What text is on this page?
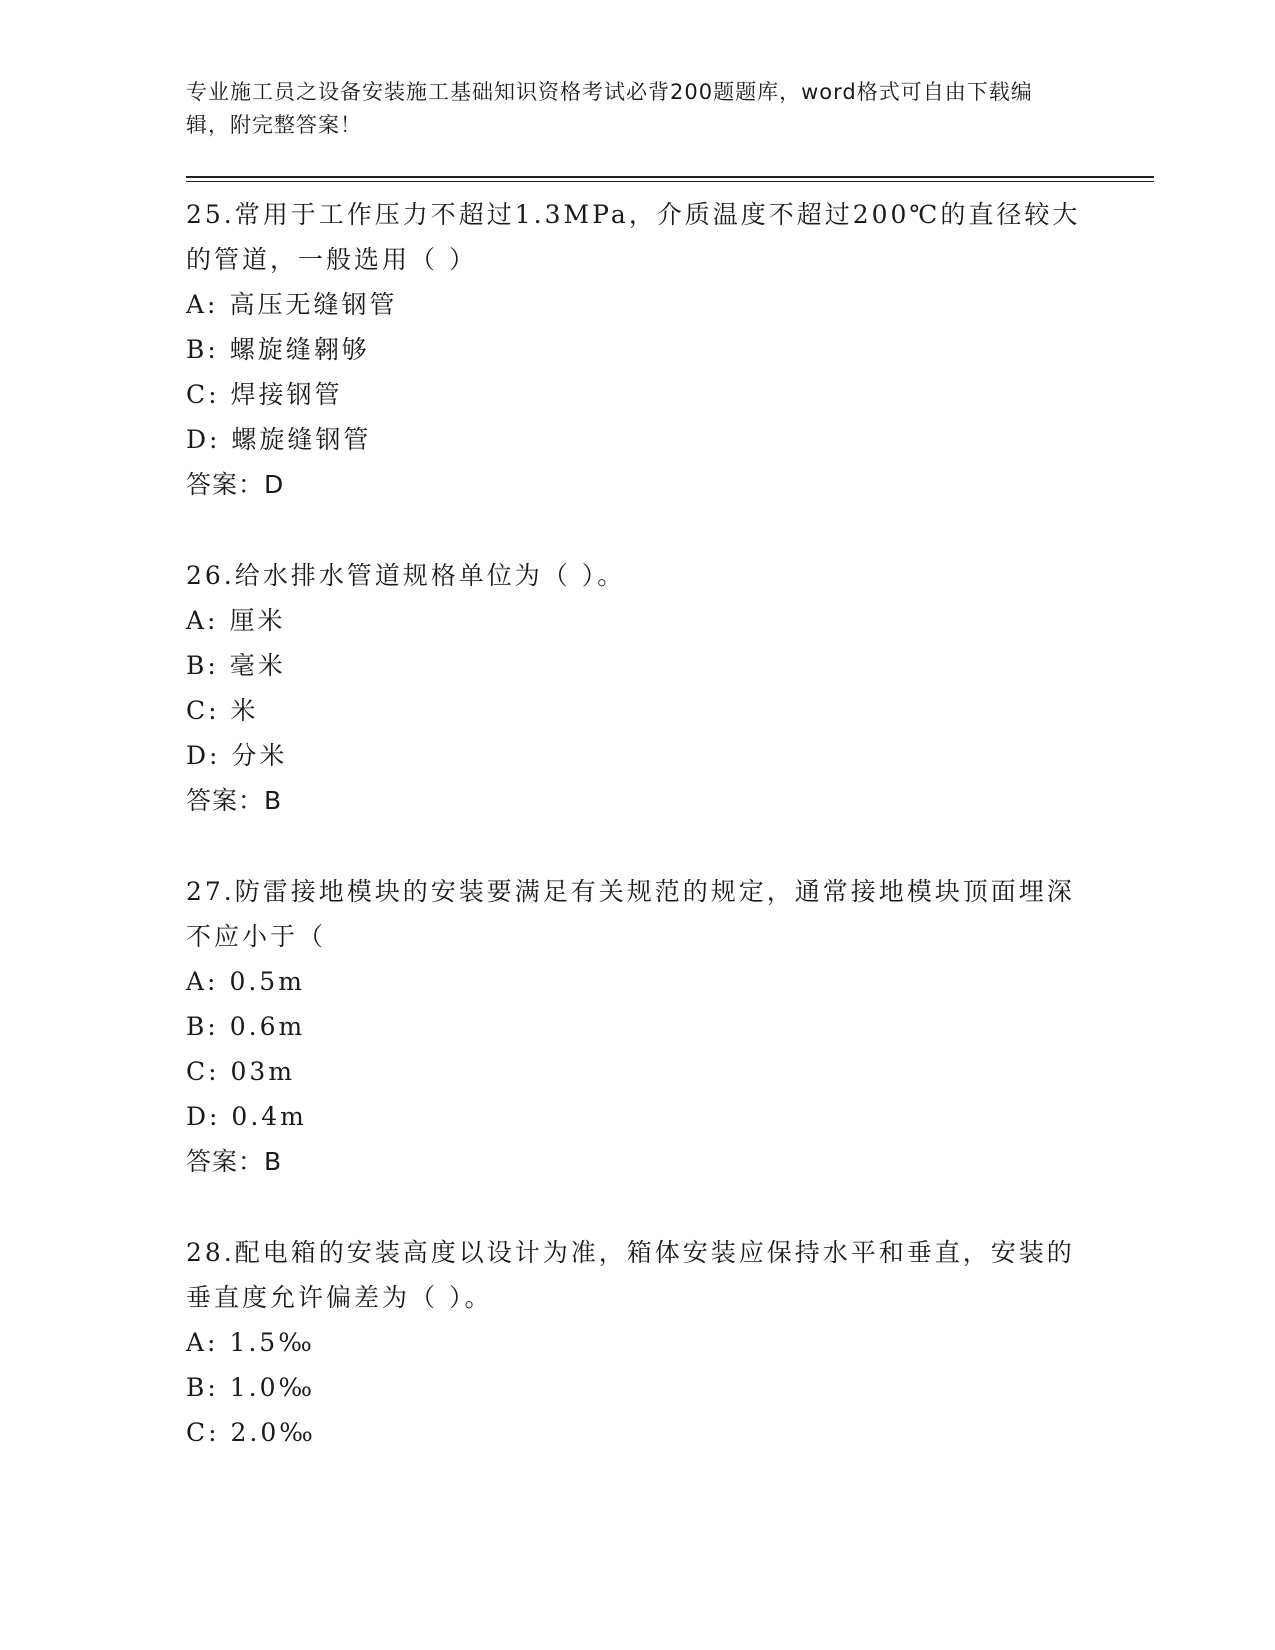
专业施工员之设备安装施工基础知识资格考试必背200题题库，word格式可自由下载编辑，附完整答案！
25.常用于工作压力不超过1.3MPa，介质温度不超过200℃的直径较大的管道，一般选用（ ）
A: 高压无缝钢管
B: 螺旋缝翱够
C: 焊接钢管
D: 螺旋缝钢管
答案：D
26.给水排水管道规格单位为（ ）。
A: 厘米
B: 毫米
C: 米
D: 分米
答案：B
27.防雷接地模块的安装要满足有关规范的规定，通常接地模块顶面埋深不应小于（
A: 0.5m
B: 0.6m
C: 03m
D: 0.4m
答案：B
28.配电箱的安装高度以设计为准，箱体安装应保持水平和垂直，安装的垂直度允许偏差为（ ）。
A: 1.5‰
B: 1.0‰
C: 2.0‰
